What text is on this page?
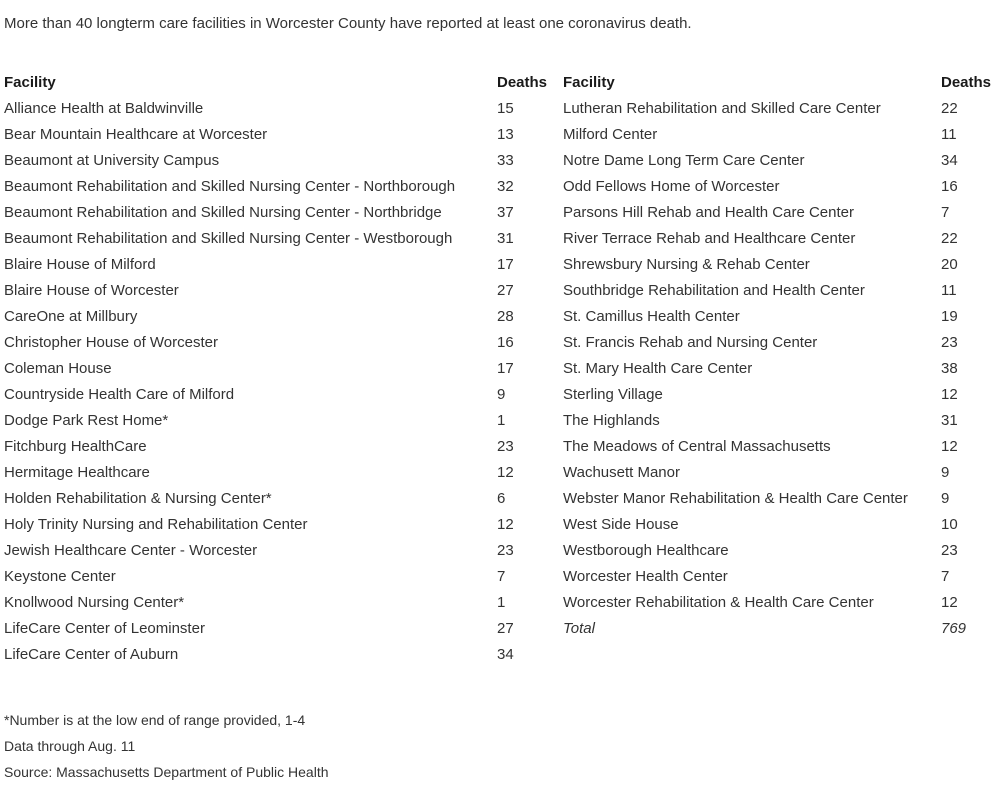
More than 40 longterm care facilities in Worcester County have reported at least one coronavirus death.

Facility	Deaths
Alliance Health at Baldwinville	15
Bear Mountain Healthcare at Worcester	13
Beaumont at University Campus	33
Beaumont Rehabilitation and Skilled Nursing Center - Northborough	32
Beaumont Rehabilitation and Skilled Nursing Center - Northbridge	37
Beaumont Rehabilitation and Skilled Nursing Center - Westborough	31
Blaire House of Milford	17
Blaire House of Worcester	27
CareOne at Millbury	28
Christopher House of Worcester	16
Coleman House	17
Countryside Health Care of Milford	9
Dodge Park Rest Home*	1
Fitchburg HealthCare	23
Hermitage Healthcare	12
Holden Rehabilitation & Nursing Center*	6
Holy Trinity Nursing and Rehabilitation Center	12
Jewish Healthcare Center - Worcester	23
Keystone Center	7
Knollwood Nursing Center*	1
LifeCare Center of Leominster	27
LifeCare Center of Auburn	34
Facility	Deaths
Lutheran Rehabilitation and Skilled Care Center	22
Milford Center	11
Notre Dame Long Term Care Center	34
Odd Fellows Home of Worcester	16
Parsons Hill Rehab and Health Care Center	7
River Terrace Rehab and Healthcare Center	22
Shrewsbury Nursing & Rehab Center	20
Southbridge Rehabilitation and Health Center	11
St. Camillus Health Center	19
St. Francis Rehab and Nursing Center	23
St. Mary Health Care Center	38
Sterling Village	12
The Highlands	31
The Meadows of Central Massachusetts	12
Wachusett Manor	9
Webster Manor Rehabilitation & Health Care Center	9
West Side House	10
Westborough Healthcare	23
Worcester Health Center	7
Worcester Rehabilitation & Health Care Center	12
Total	769

*Number is at the low end of range provided, 1-4

Data through Aug. 11

Source: Massachusetts Department of Public Health
